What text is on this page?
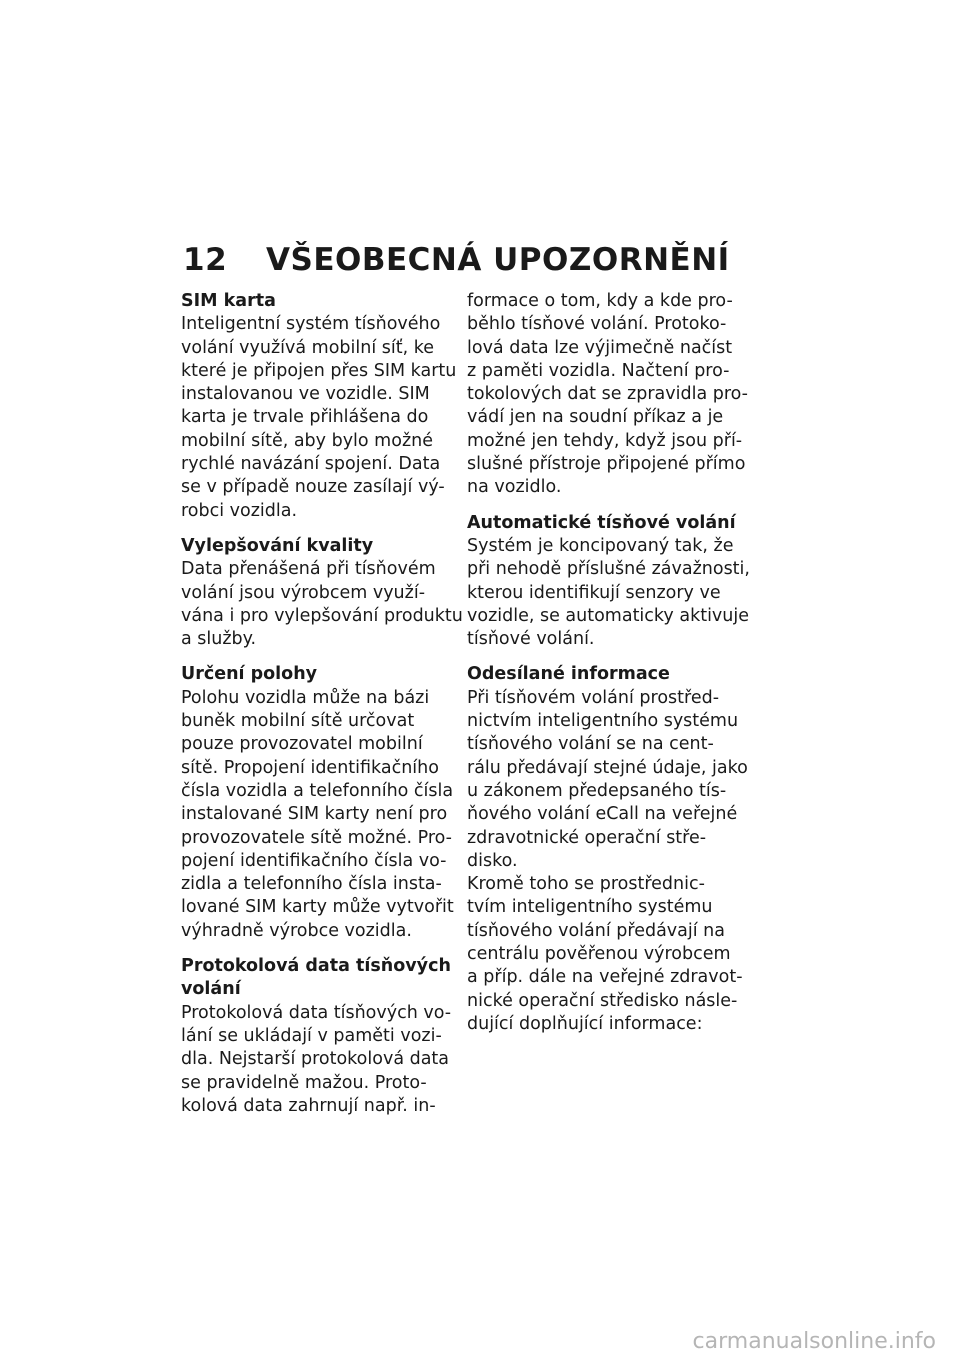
12 VŠEOBECNÁ UPOZORNĚNÍ
SIM karta
Inteligentní systém tísňového
volání využívá mobilní síť, ke
které je připojen přes SIM kartu
instalovanou ve vozidle. SIM
karta je trvale přihlášena do
mobilní sítě, aby bylo možné
rychlé navázání spojení. Data
se v případě nouze zasílají vý-
robci vozidla.
Vylepšování kvality
Data přenášená při tísňovém
volání jsou výrobcem využí-
vána i pro vylepšování produktu
a služby.
Určení polohy
Polohu vozidla může na bázi
buněk mobilní sítě určovat
pouze provozovatel mobilní
sítě. Propojení identifikačního
čísla vozidla a telefonního čísla
instalované SIM karty není pro
provozovatele sítě možné. Pro-
pojení identifikačního čísla vo-
zidla a telefonního čísla insta-
lované SIM karty může vytvořit
výhradně výrobce vozidla.
Protokolová data tísňových
volání
Protokolová data tísňových vo-
lání se ukládají v paměti vozi-
dla. Nejstarší protokolová data
se pravidelně mažou. Proto-
kolová data zahrnují např. in-
formace o tom, kdy a kde pro-
běhlo tísňové volání. Protoko-
lová data lze výjimečně načíst
z paměti vozidla. Načtení pro-
tokolových dat se zpravidla pro-
vádí jen na soudní příkaz a je
možné jen tehdy, když jsou pří-
slušné přístroje připojené přímo
na vozidlo.
Automatické tísňové volání
Systém je koncipovaný tak, že
při nehodě příslušné závažnosti,
kterou identifikují senzory ve
vozidle, se automaticky aktivuje
tísňové volání.
Odesílané informace
Při tísňovém volání prostřed-
nictvím inteligentního systému
tísňového volání se na cent-
rálu předávají stejné údaje, jako
u zákonem předepsaného tís-
ňového volání eCall na veřejné
zdravotnické operační stře-
disko.
Kromě toho se prostřednic-
tvím inteligentního systému
tísňového volání předávají na
centrálu pověřenou výrobcem
a příp. dále na veřejné zdravot-
nické operační středisko násle-
dující doplňující informace:
carmanualsonline.info
